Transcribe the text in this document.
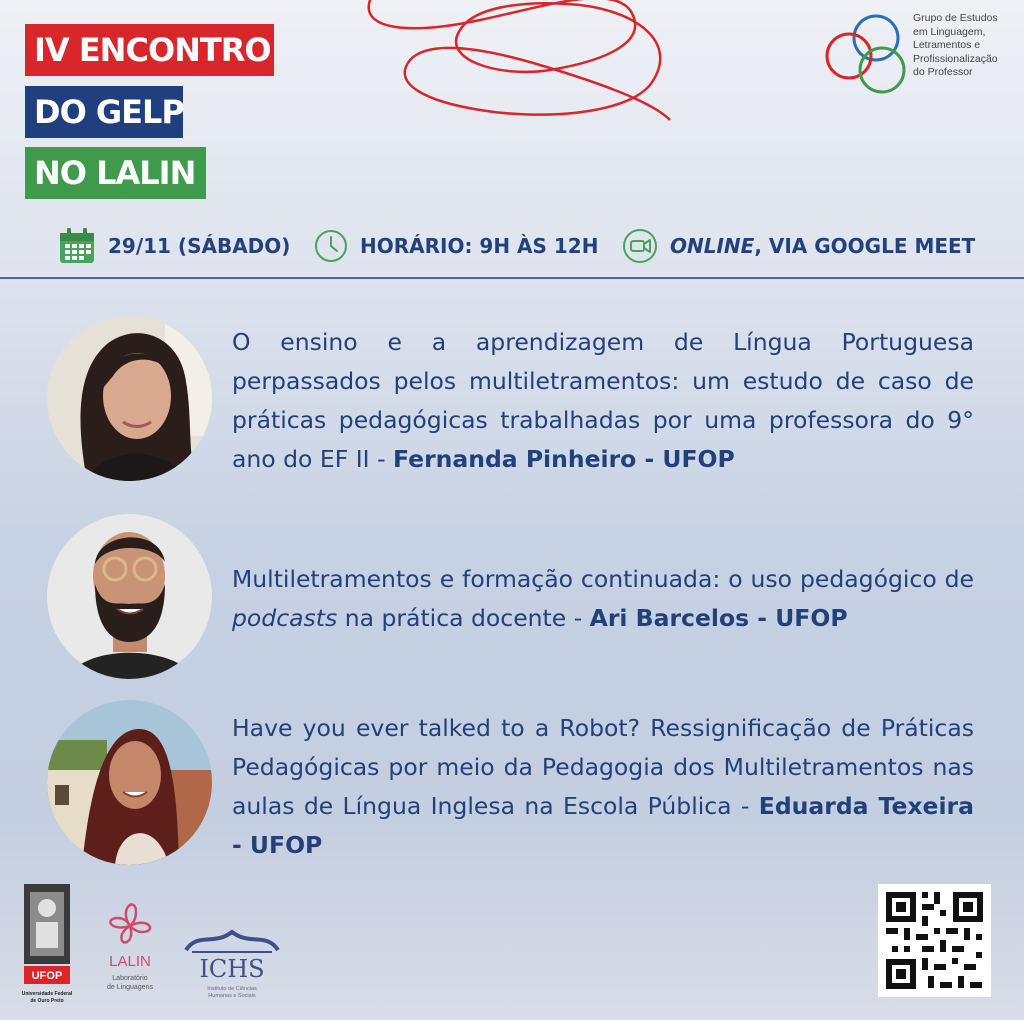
IV ENCONTRO
DO GELP
NO LALIN
Grupo de Estudos
em Linguagem,
Letramentos e
Profissionalização
do Professor
29/11 (SÁBADO)	HORÁRIO: 9H ÀS 12H	ONLINE, VIA GOOGLE MEET
O ensino e a aprendizagem de Língua Portuguesa perpassados pelos multiletramentos: um estudo de caso de práticas pedagógicas trabalhadas por uma professora do 9° ano do EF II - Fernanda Pinheiro - UFOP
Multiletramentos e formação continuada: o uso pedagógico de podcasts na prática docente - Ari Barcelos - UFOP
Have you ever talked to a Robot? Ressignificação de Práticas Pedagógicas por meio da Pedagogia dos Multiletramentos nas aulas de Língua Inglesa na Escola Pública - Eduarda Texeira - UFOP
UFOP
Universidade Federal
de Ouro Preto
LALIN
Laboratório
de Linguagens
ICHS
Instituto de Ciências
Humanas e Sociais
